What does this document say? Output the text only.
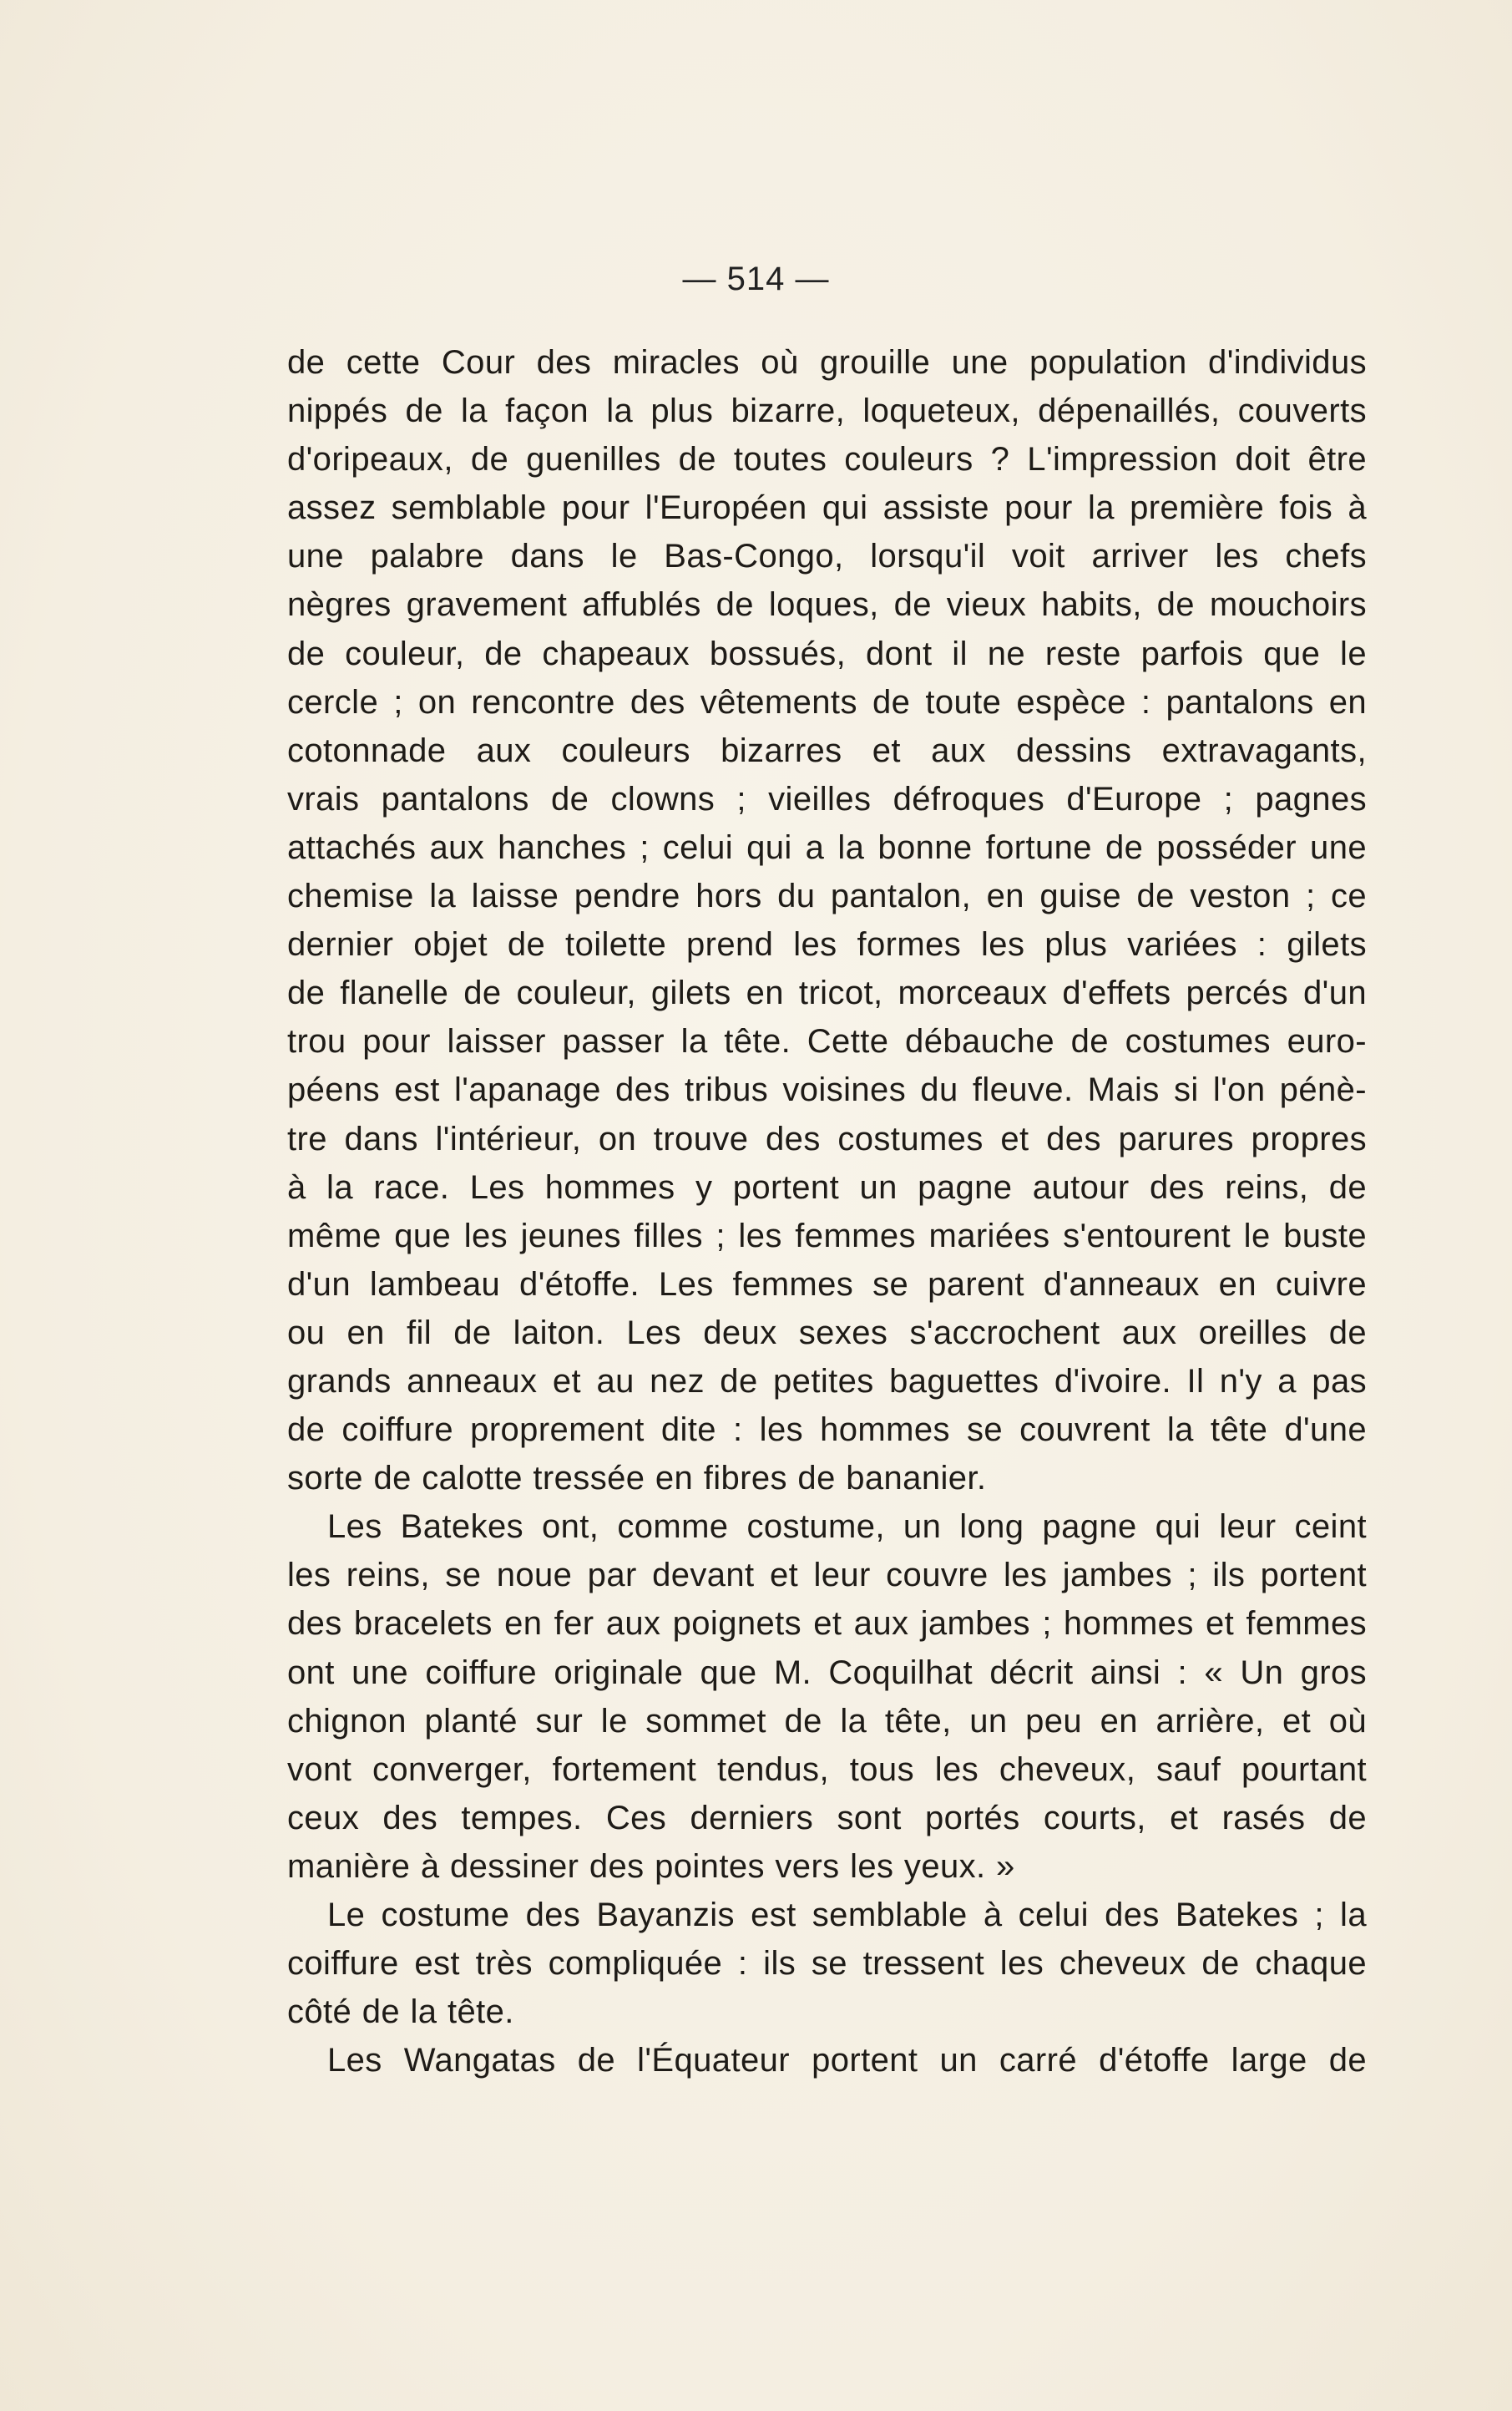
— 514 —
de cette Cour des miracles où grouille une population d'individus
nippés de la façon la plus bizarre, loqueteux, dépenaillés, couverts
d'oripeaux, de guenilles de toutes couleurs ? L'impression doit être
assez semblable pour l'Européen qui assiste pour la première fois à
une palabre dans le Bas-Congo, lorsqu'il voit arriver les chefs
nègres gravement affublés de loques, de vieux habits, de mouchoirs
de couleur, de chapeaux bossués, dont il ne reste parfois que le
cercle ; on rencontre des vêtements de toute espèce : pantalons en
cotonnade aux couleurs bizarres et aux dessins extravagants,
vrais pantalons de clowns ; vieilles défroques d'Europe ; pagnes
attachés aux hanches ; celui qui a la bonne fortune de posséder une
chemise la laisse pendre hors du pantalon, en guise de veston ; ce
dernier objet de toilette prend les formes les plus variées : gilets
de flanelle de couleur, gilets en tricot, morceaux d'effets percés d'un
trou pour laisser passer la tête. Cette débauche de costumes euro-
péens est l'apanage des tribus voisines du fleuve. Mais si l'on pénè-
tre dans l'intérieur, on trouve des costumes et des parures propres
à la race. Les hommes y portent un pagne autour des reins, de
même que les jeunes filles ; les femmes mariées s'entourent le buste
d'un lambeau d'étoffe. Les femmes se parent d'anneaux en cuivre
ou en fil de laiton. Les deux sexes s'accrochent aux oreilles de
grands anneaux et au nez de petites baguettes d'ivoire. Il n'y a pas
de coiffure proprement dite : les hommes se couvrent la tête d'une
sorte de calotte tressée en fibres de bananier.
Les Batekes ont, comme costume, un long pagne qui leur ceint
les reins, se noue par devant et leur couvre les jambes ; ils portent
des bracelets en fer aux poignets et aux jambes ; hommes et femmes
ont une coiffure originale que M. Coquilhat décrit ainsi : « Un gros
chignon planté sur le sommet de la tête, un peu en arrière, et où
vont converger, fortement tendus, tous les cheveux, sauf pourtant
ceux des tempes. Ces derniers sont portés courts, et rasés de
manière à dessiner des pointes vers les yeux. »
Le costume des Bayanzis est semblable à celui des Batekes ; la
coiffure est très compliquée : ils se tressent les cheveux de chaque
côté de la tête.
Les Wangatas de l'Équateur portent un carré d'étoffe large de
